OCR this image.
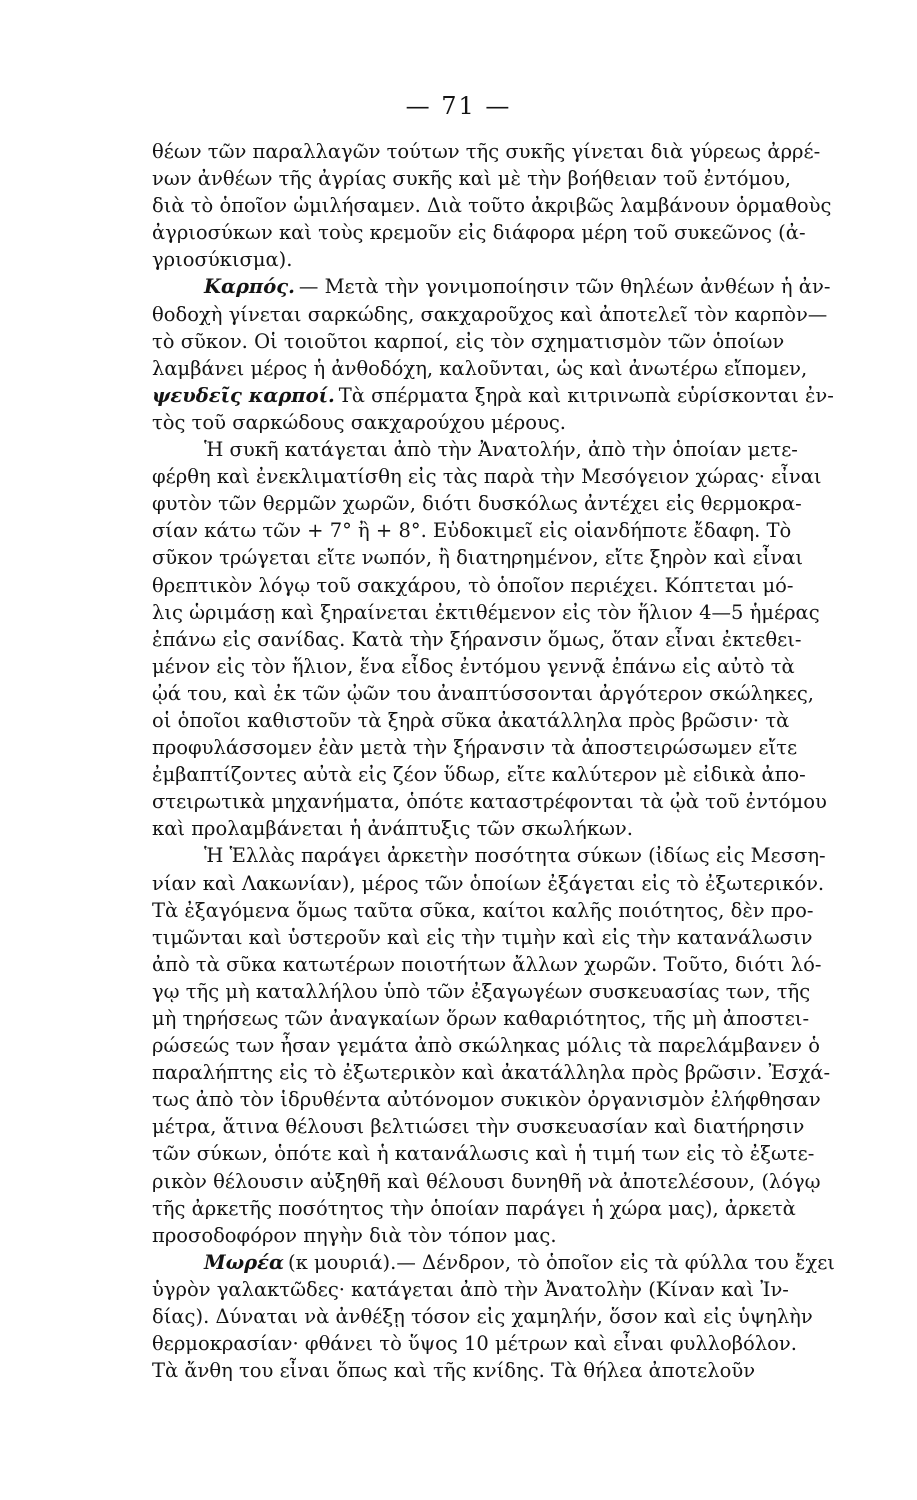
— 71 —
θέων τῶν παραλλαγῶν τούτων τῆς συκῆς γίνεται διὰ γύρεως ἀρρέ-
νων ἀνθέων τῆς ἀγρίας συκῆς καὶ μὲ τὴν βοήθειαν τοῦ ἐντόμου,
διὰ τὸ ὁποῖον ὡμιλήσαμεν. Διὰ τοῦτο ἀκριβῶς λαμβάνουν ὁρμαθοὺς
ἀγριοσύκων καὶ τοὺς κρεμοῦν εἰς διάφορα μέρη τοῦ συκεῶνος (ἀ-
γριοσύκισμα).
Καρπός. — Μετὰ τὴν γονιμοποίησιν τῶν θηλέων ἀνθέων ἡ ἀν-
θοδοχὴ γίνεται σαρκώδης, σακχαροῦχος καὶ ἀποτελεῖ τὸν καρπὸν—
τὸ σῦκον. Οἱ τοιοῦτοι καρποί, εἰς τὸν σχηματισμὸν τῶν ὁποίων
λαμβάνει μέρος ἡ ἀνθοδόχη, καλοῦνται, ὡς καὶ ἀνωτέρω εἴπομεν,
ψευδεῖς καρποί. Τὰ σπέρματα ξηρὰ καὶ κιτρινωπὰ εὑρίσκονται ἐν-
τὸς τοῦ σαρκώδους σακχαρούχου μέρους.
Ἡ συκῆ κατάγεται ἀπὸ τὴν Ἀνατολήν, ἀπὸ τὴν ὁποίαν μετε-
φέρθη καὶ ἐνεκλιματίσθη εἰς τὰς παρὰ τὴν Μεσόγειον χώρας· εἶναι
φυτὸν τῶν θερμῶν χωρῶν, διότι δυσκόλως ἀντέχει εἰς θερμοκρα-
σίαν κάτω τῶν + 7° ἢ + 8°. Εὐδοκιμεῖ εἰς οἱανδήποτε ἔδαφη. Τὸ
σῦκον τρώγεται εἴτε νωπόν, ἢ διατηρημένον, εἴτε ξηρὸν καὶ εἶναι
θρεπτικὸν λόγῳ τοῦ σακχάρου, τὸ ὁποῖον περιέχει. Κόπτεται μό-
λις ὡριμάσῃ καὶ ξηραίνεται ἐκτιθέμενον εἰς τὸν ἥλιον 4—5 ἡμέρας
ἐπάνω εἰς σανίδας. Κατὰ τὴν ξήρανσιν ὅμως, ὅταν εἶναι ἐκτεθει-
μένον εἰς τὸν ἥλιον, ἕνα εἶδος ἐντόμου γεννᾷ ἐπάνω εἰς αὐτὸ τὰ
ᾠά του, καὶ ἐκ τῶν ᾠῶν του ἀναπτύσσονται ἀργότερον σκώληκες,
οἱ ὁποῖοι καθιστοῦν τὰ ξηρὰ σῦκα ἀκατάλληλα πρὸς βρῶσιν· τὰ
προφυλάσσομεν ἐὰν μετὰ τὴν ξήρανσιν τὰ ἀποστειρώσωμεν εἴτε
ἐμβαπτίζοντες αὐτὰ εἰς ζέον ὕδωρ, εἴτε καλύτερον μὲ εἰδικὰ ἀπο-
στειρωτικὰ μηχανήματα, ὁπότε καταστρέφονται τὰ ᾠὰ τοῦ ἐντόμου
καὶ προλαμβάνεται ἡ ἀνάπτυξις τῶν σκωλήκων.
Ἡ Ἑλλὰς παράγει ἀρκετὴν ποσότητα σύκων (ἰδίως εἰς Μεσση-
νίαν καὶ Λακωνίαν), μέρος τῶν ὁποίων ἐξάγεται εἰς τὸ ἐξωτερικόν.
Τὰ ἐξαγόμενα ὅμως ταῦτα σῦκα, καίτοι καλῆς ποιότητος, δὲν προ-
τιμῶνται καὶ ὑστεροῦν καὶ εἰς τὴν τιμὴν καὶ εἰς τὴν κατανάλωσιν
ἀπὸ τὰ σῦκα κατωτέρων ποιοτήτων ἄλλων χωρῶν. Τοῦτο, διότι λό-
γῳ τῆς μὴ καταλλήλου ὑπὸ τῶν ἐξαγωγέων συσκευασίας των, τῆς
μὴ τηρήσεως τῶν ἀναγκαίων ὅρων καθαριότητος, τῆς μὴ ἀποστει-
ρώσεώς των ἦσαν γεμάτα ἀπὸ σκώληκας μόλις τὰ παρελάμβανεν ὁ
παραλήπτης εἰς τὸ ἐξωτερικὸν καὶ ἀκατάλληλα πρὸς βρῶσιν. Ἐσχά-
τως ἀπὸ τὸν ἱδρυθέντα αὐτόνομον συκικὸν ὀργανισμὸν ἐλήφθησαν
μέτρα, ἅτινα θέλουσι βελτιώσει τὴν συσκευασίαν καὶ διατήρησιν
τῶν σύκων, ὁπότε καὶ ἡ κατανάλωσις καὶ ἡ τιμή των εἰς τὸ ἐξωτε-
ρικὸν θέλουσιν αὐξηθῆ καὶ θέλουσι δυνηθῆ νὰ ἀποτελέσουν, (λόγῳ
τῆς ἀρκετῆς ποσότητος τὴν ὁποίαν παράγει ἡ χώρα μας), ἀρκετὰ
προσοδοφόρον πηγὴν διὰ τὸν τόπον μας.
Μωρέα (κ μουριά).— Δένδρον, τὸ ὁποῖον εἰς τὰ φύλλα του ἔχει
ὑγρὸν γαλακτῶδες· κατάγεται ἀπὸ τὴν Ἀνατολὴν (Κίναν καὶ Ἰν-
δίας). Δύναται νὰ ἀνθέξῃ τόσον εἰς χαμηλήν, ὅσον καὶ εἰς ὑψηλὴν
θερμοκρασίαν· φθάνει τὸ ὕψος 10 μέτρων καὶ εἶναι φυλλοβόλον.
Τὰ ἄνθη του εἶναι ὅπως καὶ τῆς κνίδης. Τὰ θήλεα ἀποτελοῦν
